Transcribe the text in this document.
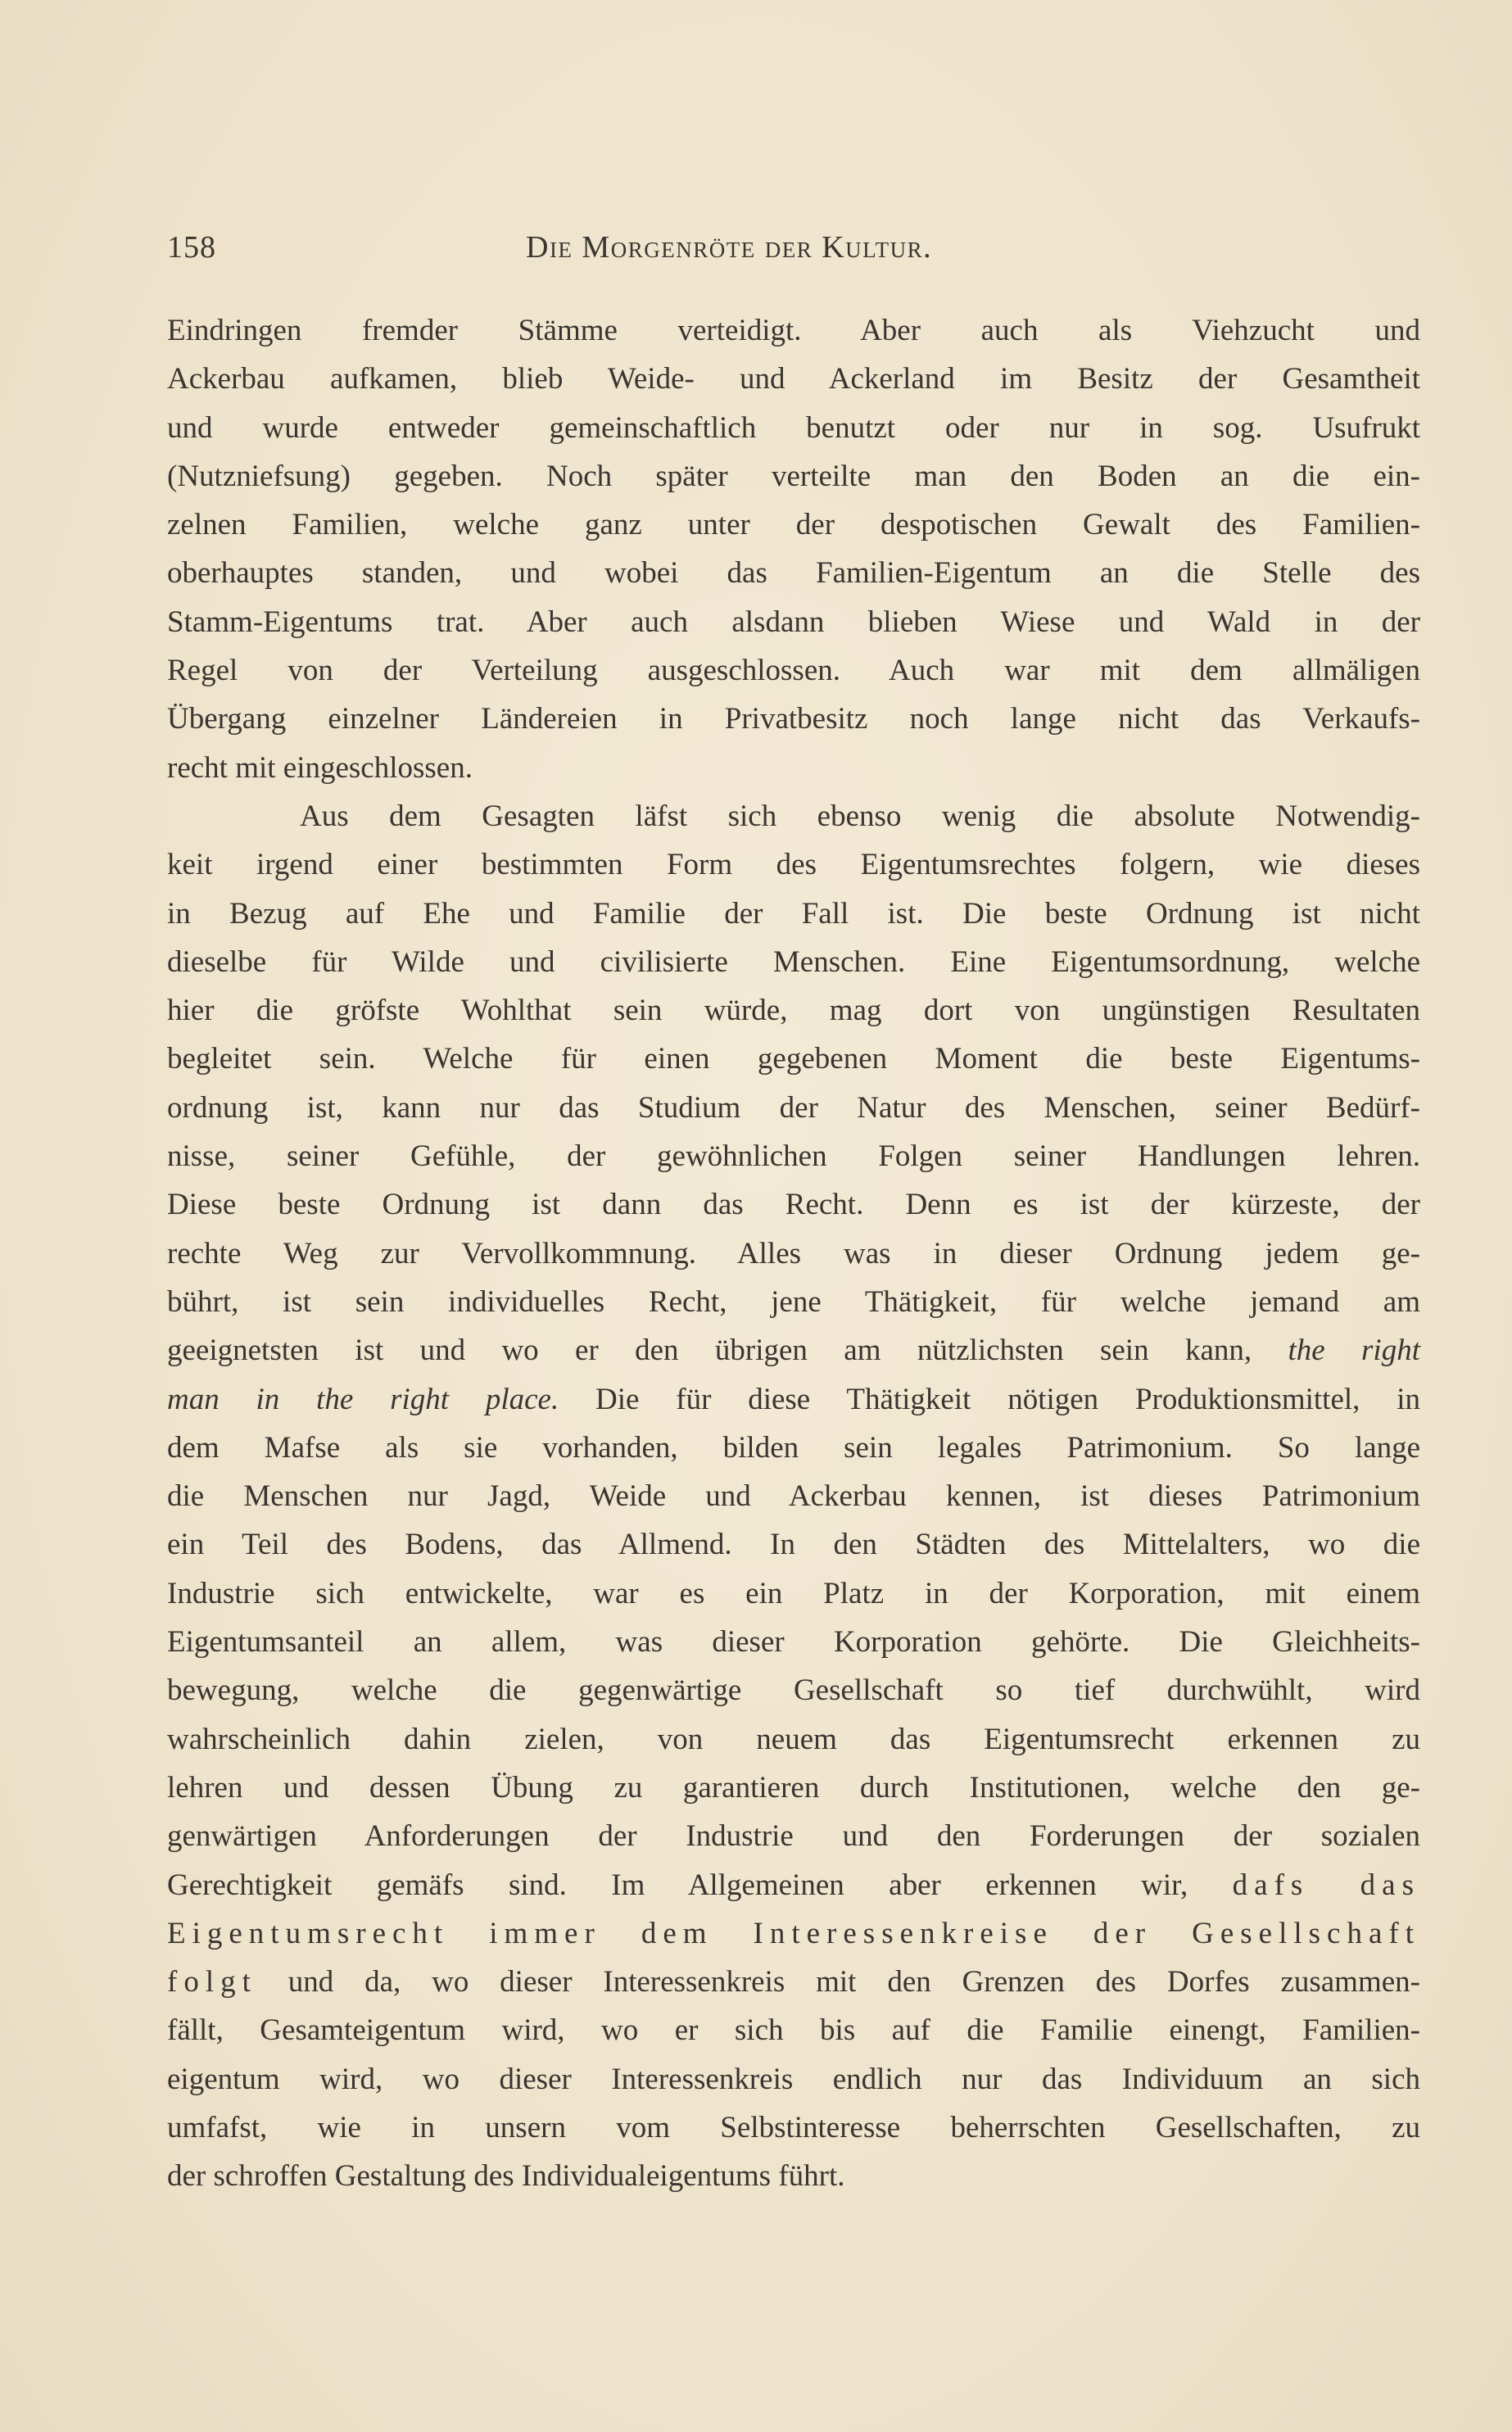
158	Die Morgenröte der Kultur.
Eindringen fremder Stämme verteidigt. Aber auch als Viehzucht und
Ackerbau aufkamen, blieb Weide- und Ackerland im Besitz der Gesamtheit
und wurde entweder gemeinschaftlich benutzt oder nur in sog. Usufrukt
(Nutzniefsung) gegeben. Noch später verteilte man den Boden an die ein-
zelnen Familien, welche ganz unter der despotischen Gewalt des Familien-
oberhauptes standen, und wobei das Familien-Eigentum an die Stelle des
Stamm-Eigentums trat. Aber auch alsdann blieben Wiese und Wald in der
Regel von der Verteilung ausgeschlossen. Auch war mit dem allmäligen
Übergang einzelner Ländereien in Privatbesitz noch lange nicht das Verkaufs-
recht mit eingeschlossen.
Aus dem Gesagten läfst sich ebenso wenig die absolute Notwendig-
keit irgend einer bestimmten Form des Eigentumsrechtes folgern, wie dieses
in Bezug auf Ehe und Familie der Fall ist. Die beste Ordnung ist nicht
dieselbe für Wilde und civilisierte Menschen. Eine Eigentumsordnung, welche
hier die gröfste Wohlthat sein würde, mag dort von ungünstigen Resultaten
begleitet sein. Welche für einen gegebenen Moment die beste Eigentums-
ordnung ist, kann nur das Studium der Natur des Menschen, seiner Bedürf-
nisse, seiner Gefühle, der gewöhnlichen Folgen seiner Handlungen lehren.
Diese beste Ordnung ist dann das Recht. Denn es ist der kürzeste, der
rechte Weg zur Vervollkommnung. Alles was in dieser Ordnung jedem ge-
bührt, ist sein individuelles Recht, jene Thätigkeit, für welche jemand am
geeignetsten ist und wo er den übrigen am nützlichsten sein kann, the right
man in the right place. Die für diese Thätigkeit nötigen Produktionsmittel, in
dem Mafse als sie vorhanden, bilden sein legales Patrimonium. So lange
die Menschen nur Jagd, Weide und Ackerbau kennen, ist dieses Patrimonium
ein Teil des Bodens, das Allmend. In den Städten des Mittelalters, wo die
Industrie sich entwickelte, war es ein Platz in der Korporation, mit einem
Eigentumsanteil an allem, was dieser Korporation gehörte. Die Gleichheits-
bewegung, welche die gegenwärtige Gesellschaft so tief durchwühlt, wird
wahrscheinlich dahin zielen, von neuem das Eigentumsrecht erkennen zu
lehren und dessen Übung zu garantieren durch Institutionen, welche den ge-
genwärtigen Anforderungen der Industrie und den Forderungen der sozialen
Gerechtigkeit gemäfs sind. Im Allgemeinen aber erkennen wir, dafs das
Eigentumsrecht immer dem Interessenkreise der Gesellschaft
folgt und da, wo dieser Interessenkreis mit den Grenzen des Dorfes zusammen-
fällt, Gesamteigentum wird, wo er sich bis auf die Familie einengt, Familien-
eigentum wird, wo dieser Interessenkreis endlich nur das Individuum an sich
umfafst, wie in unsern vom Selbstinteresse beherrschten Gesellschaften, zu
der schroffen Gestaltung des Individualeigentums führt.
